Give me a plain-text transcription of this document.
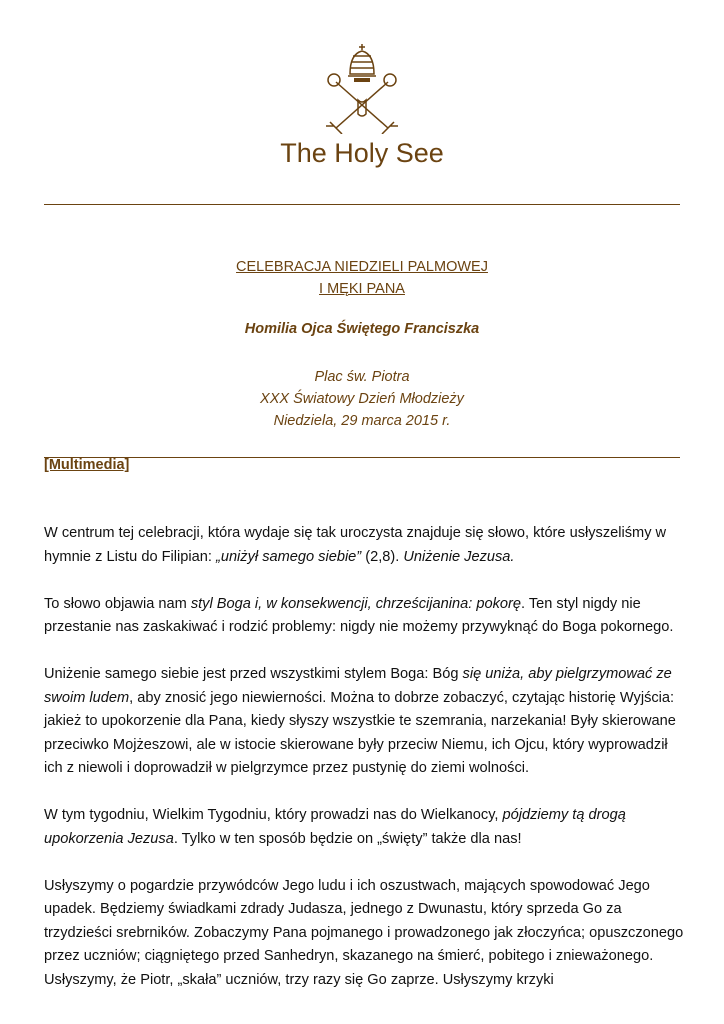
The Holy See
CELEBRACJA NIEDZIELI PALMOWEJ
I MĘKI PANA
Homilia Ojca Świętego Franciszka
Plac św. Piotra
XXX Światowy Dzień Młodzieży
Niedziela, 29 marca 2015 r.
[Multimedia]

W centrum tej celebracji, która wydaje się tak uroczysta znajduje się słowo, które usłyszeliśmy w hymnie z Listu do Filipian: „uniżył samego siebie” (2,8). Uniżenie Jezusa.

To słowo objawia nam styl Boga i, w konsekwencji, chrześcijanina: pokorę. Ten styl nigdy nie przestanie nas zaskakiwać i rodzić problemy: nigdy nie możemy przywyknąć do Boga pokornego.

Uniżenie samego siebie jest przed wszystkimi stylem Boga: Bóg się uniża, aby pielgrzymować ze swoim ludem, aby znosić jego niewierności. Można to dobrze zobaczyć, czytając historię Wyjścia: jakież to upokorzenie dla Pana, kiedy słyszy wszystkie te szemrania, narzekania! Były skierowane przeciwko Mojżeszowi, ale w istocie skierowane były przeciw Niemu, ich Ojcu, który wyprowadził ich z niewoli i doprowadził w pielgrzymce przez pustynię do ziemi wolności.

W tym tygodniu, Wielkim Tygodniu, który prowadzi nas do Wielkanocy, pójdziemy tą drogą upokorzenia Jezusa. Tylko w ten sposób będzie on „święty” także dla nas!

Usłyszymy o pogardzie przywódców Jego ludu i ich oszustwach, mających spowodować Jego upadek. Będziemy świadkami zdrady Judasza, jednego z Dwunastu, który sprzeda Go za trzydzieści srebrników. Zobaczymy Pana pojmanego i prowadzonego jak złoczyńca; opuszczonego przez uczniów; ciągniętego przed Sanhedryn, skazanego na śmierć, pobitego i znieważonego. Usłyszymy, że Piotr, „skała” uczniów, trzy razy się Go zaprze. Usłyszymy krzyki
